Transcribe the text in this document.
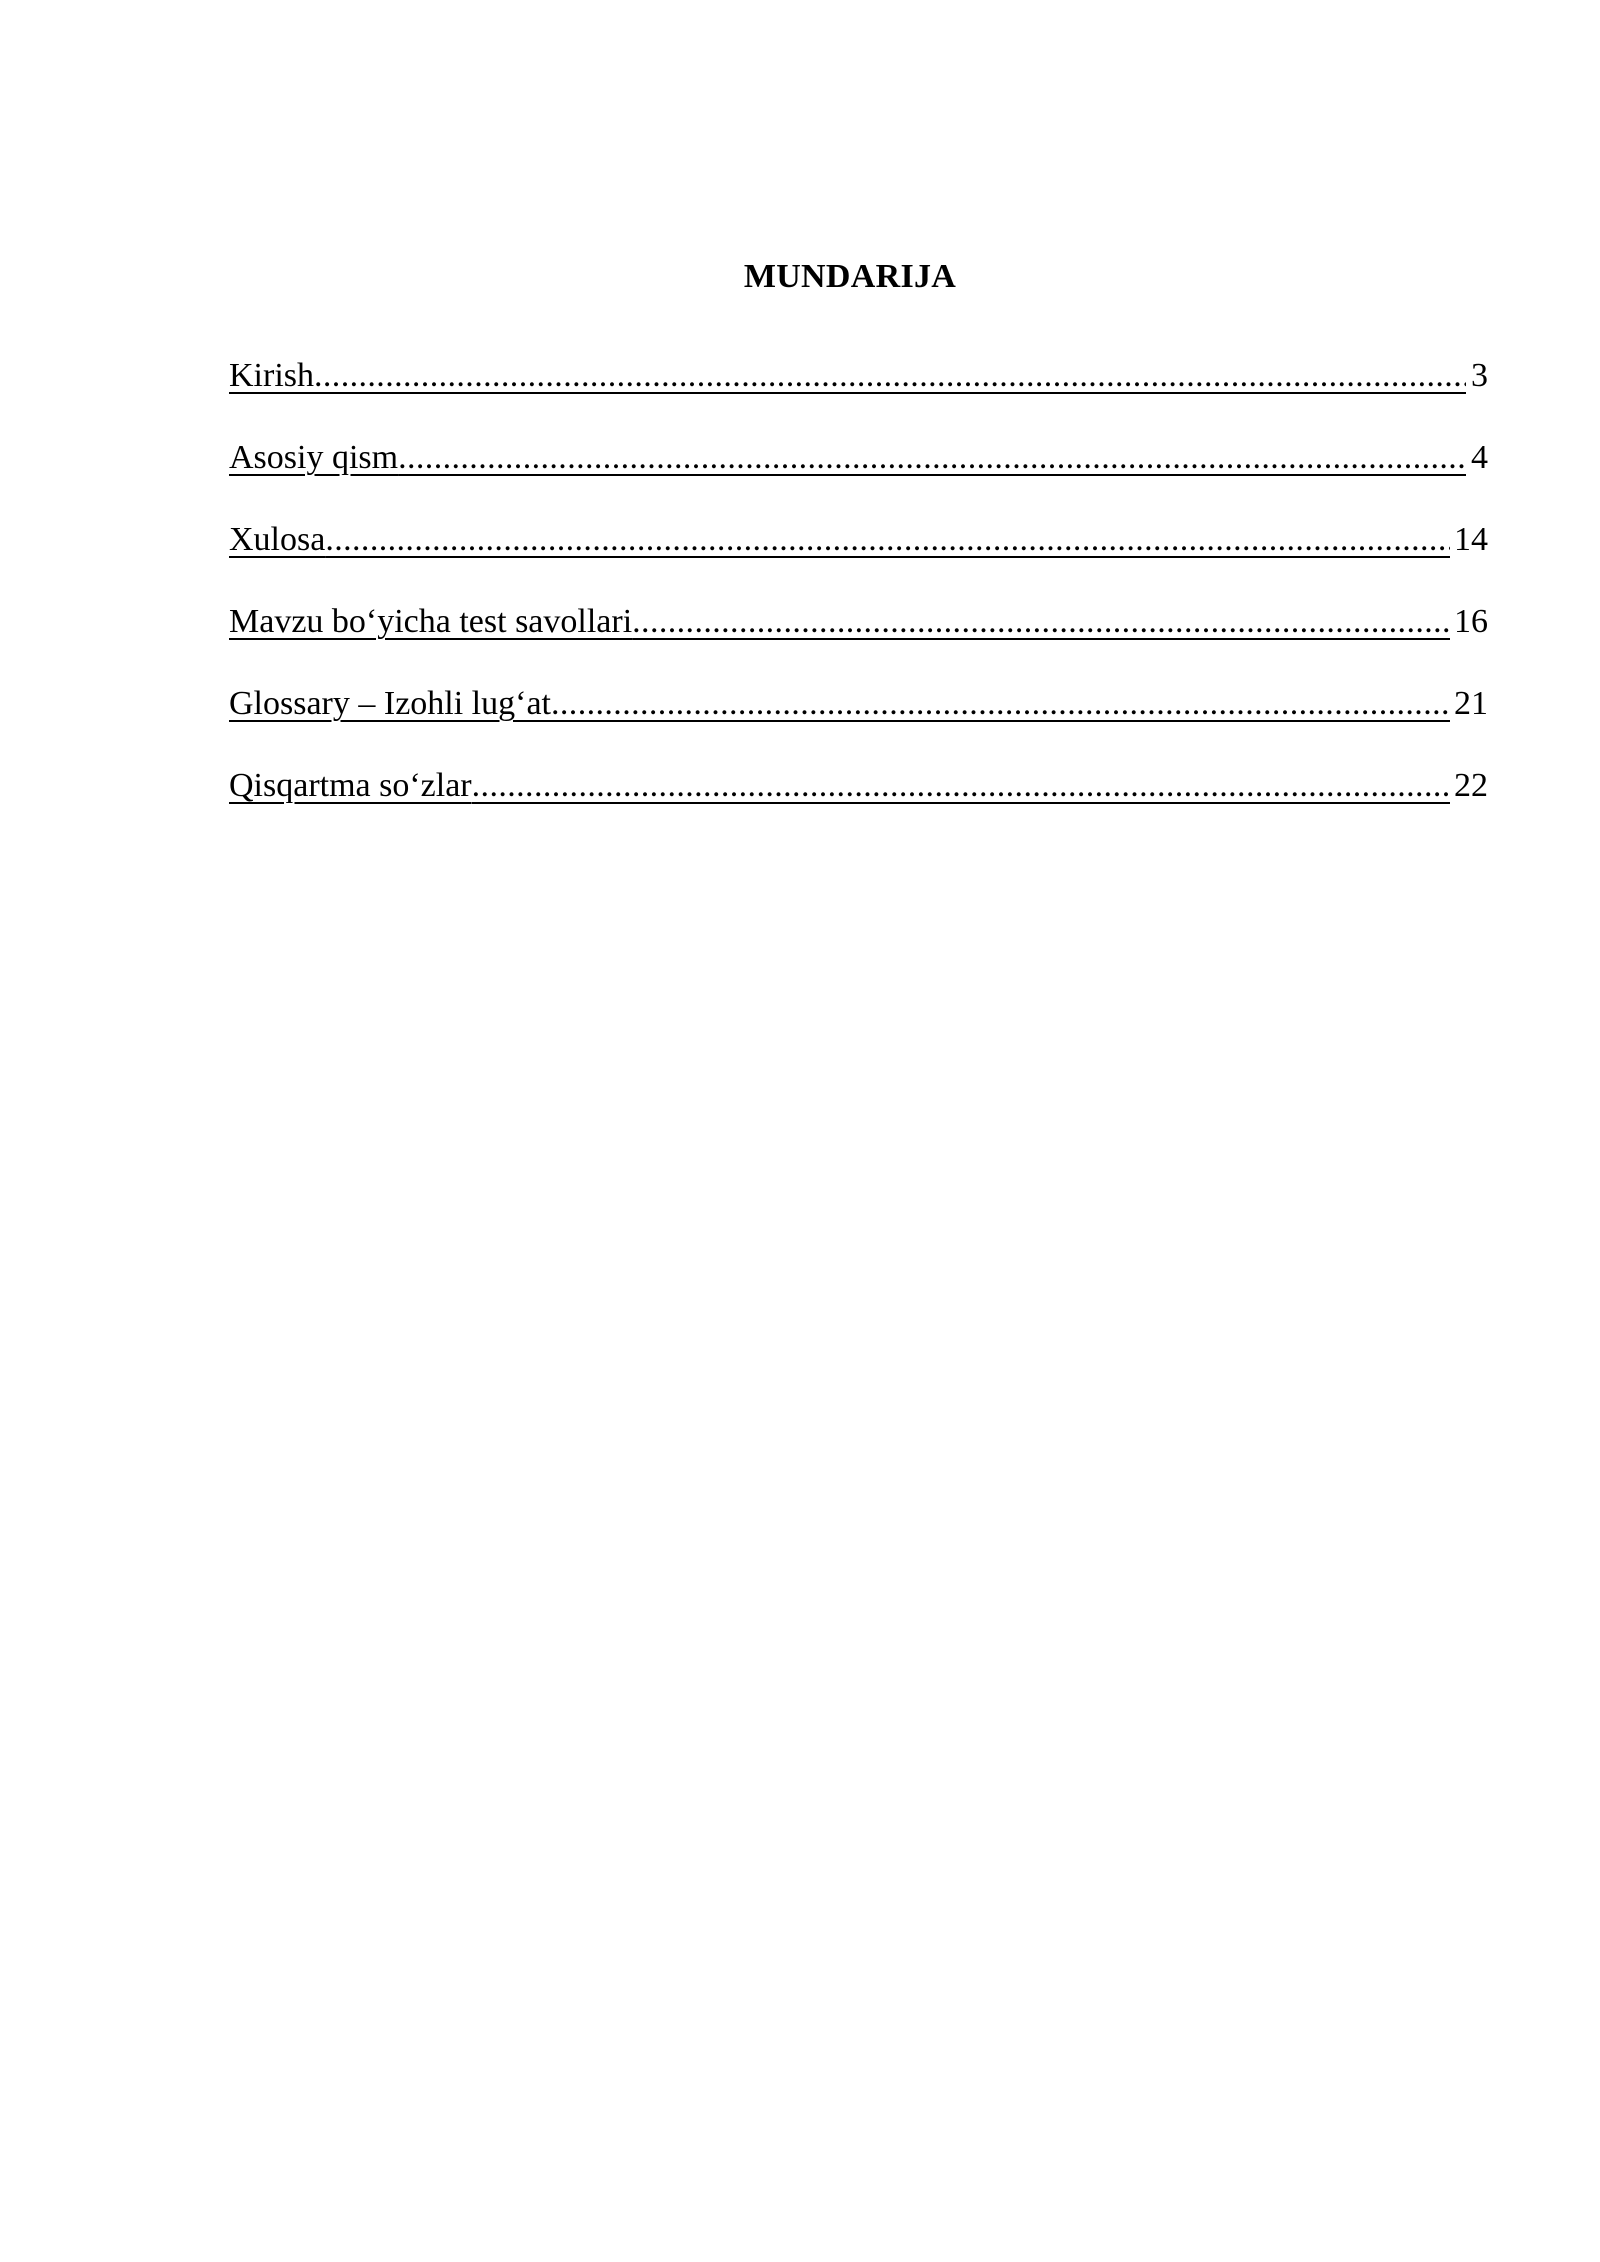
MUNDARIJA
Kirish .....	3
Asosiy qism .....	4
Xulosa .....	14
Mavzu bo‘yicha test savollari .....	16
Glossary – Izohli lug‘at .....	21
Qisqartma so‘zlar .....	22
